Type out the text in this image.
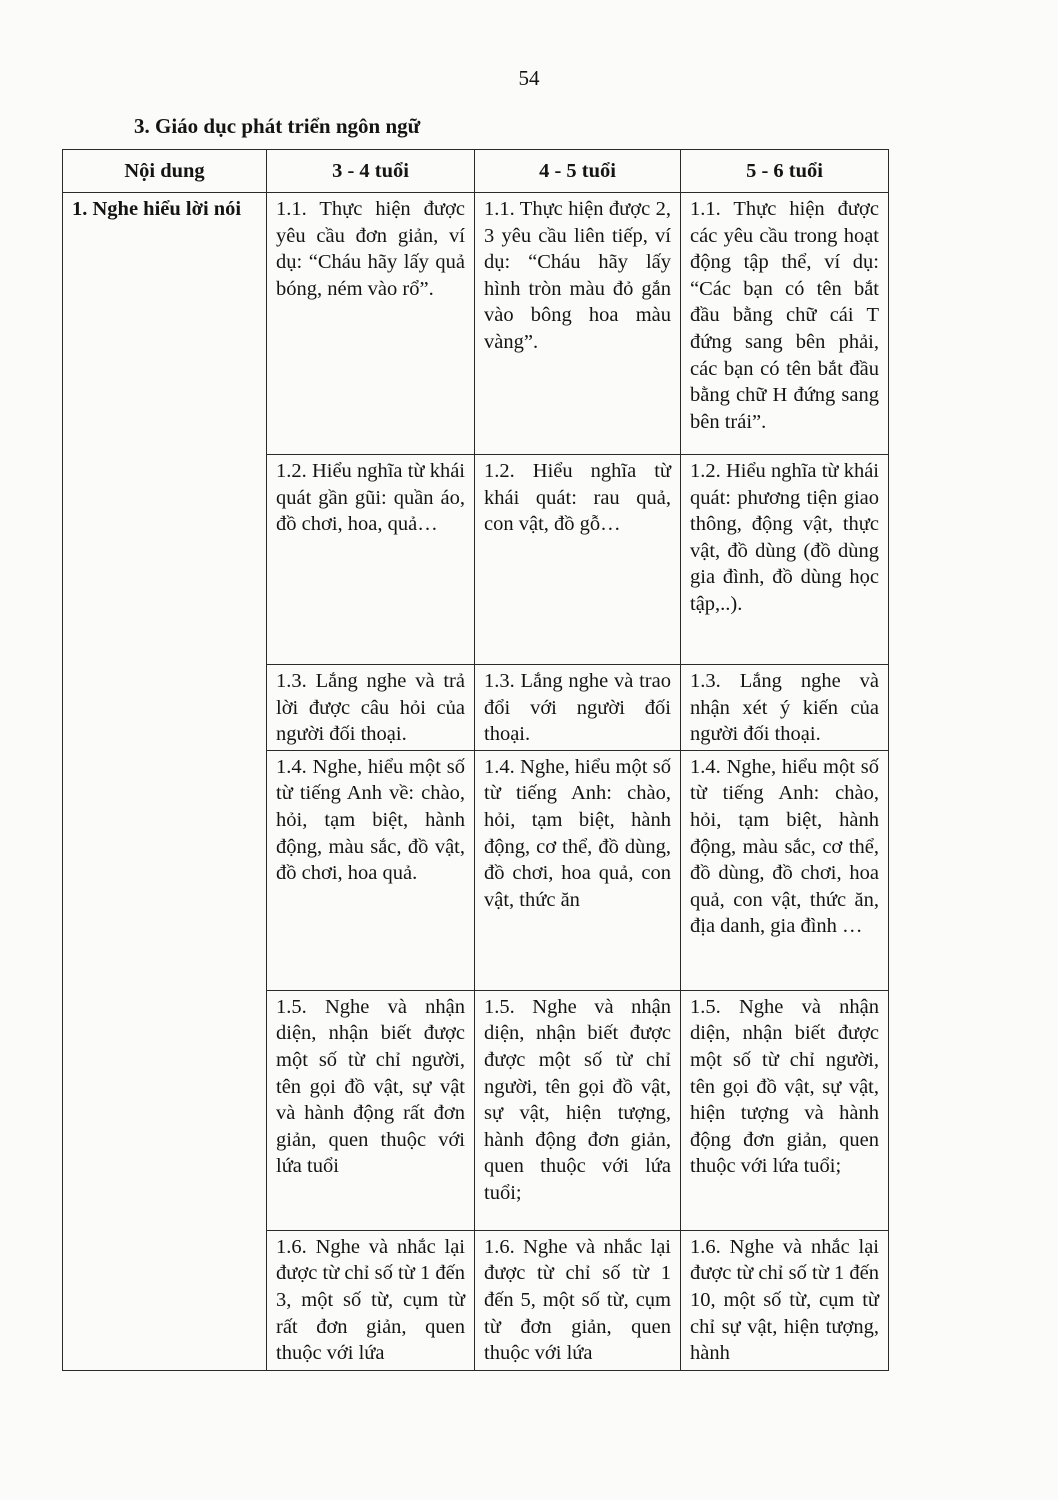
54
3. Giáo dục phát triển ngôn ngữ
Nội dung	3 - 4 tuổi	4 - 5 tuổi	5 - 6 tuổi
1. Nghe hiểu lời nói	1.1. Thực hiện được yêu cầu đơn giản, ví dụ: “Cháu hãy lấy quả bóng, ném vào rổ”.	1.1. Thực hiện được 2, 3 yêu cầu liên tiếp, ví dụ: “Cháu hãy lấy hình tròn màu đỏ gắn vào bông hoa màu vàng”.	1.1. Thực hiện được các yêu cầu trong hoạt động tập thể, ví dụ: “Các bạn có tên bắt đầu bằng chữ cái T đứng sang bên phải, các bạn có tên bắt đầu bằng chữ H đứng sang bên trái”.
	1.2. Hiểu nghĩa từ khái quát gần gũi: quần áo, đồ chơi, hoa, quả…	1.2. Hiểu nghĩa từ khái quát: rau quả, con vật, đồ gỗ…	1.2. Hiểu nghĩa từ khái quát: phương tiện giao thông, động vật, thực vật, đồ dùng (đồ dùng gia đình, đồ dùng học tập,..).
	1.3. Lắng nghe và trả lời được câu hỏi của người đối thoại.	1.3. Lắng nghe và trao đổi với người đối thoại.	1.3. Lắng nghe và nhận xét ý kiến của người đối thoại.
	1.4. Nghe, hiểu một số từ tiếng Anh về: chào, hỏi, tạm biệt, hành động, màu sắc, đồ vật, đồ chơi, hoa quả.	1.4. Nghe, hiểu một số từ tiếng Anh: chào, hỏi, tạm biệt, hành động, cơ thể, đồ dùng, đồ chơi, hoa quả, con vật, thức ăn	1.4. Nghe, hiểu một số từ tiếng Anh: chào, hỏi, tạm biệt, hành động, màu sắc, cơ thể, đồ dùng, đồ chơi, hoa quả, con vật, thức ăn, địa danh, gia đình …
	1.5. Nghe và nhận diện, nhận biết được một số từ chỉ người, tên gọi đồ vật, sự vật và hành động rất đơn giản, quen thuộc với lứa tuổi	1.5. Nghe và nhận diện, nhận biết được được một số từ chỉ người, tên gọi đồ vật, sự vật, hiện tượng, hành động đơn giản, quen thuộc với lứa tuổi;	1.5. Nghe và nhận diện, nhận biết được một số từ chỉ người, tên gọi đồ vật, sự vật, hiện tượng và hành động đơn giản, quen thuộc với lứa tuổi;
	1.6. Nghe và nhắc lại được từ chỉ số từ 1 đến 3, một số từ, cụm từ rất đơn giản, quen thuộc với lứa	1.6. Nghe và nhắc lại được từ chỉ số từ 1 đến 5, một số từ, cụm từ đơn giản, quen thuộc với lứa	1.6. Nghe và nhắc lại được từ chỉ số từ 1 đến 10, một số từ, cụm từ chỉ sự vật, hiện tượng, hành
